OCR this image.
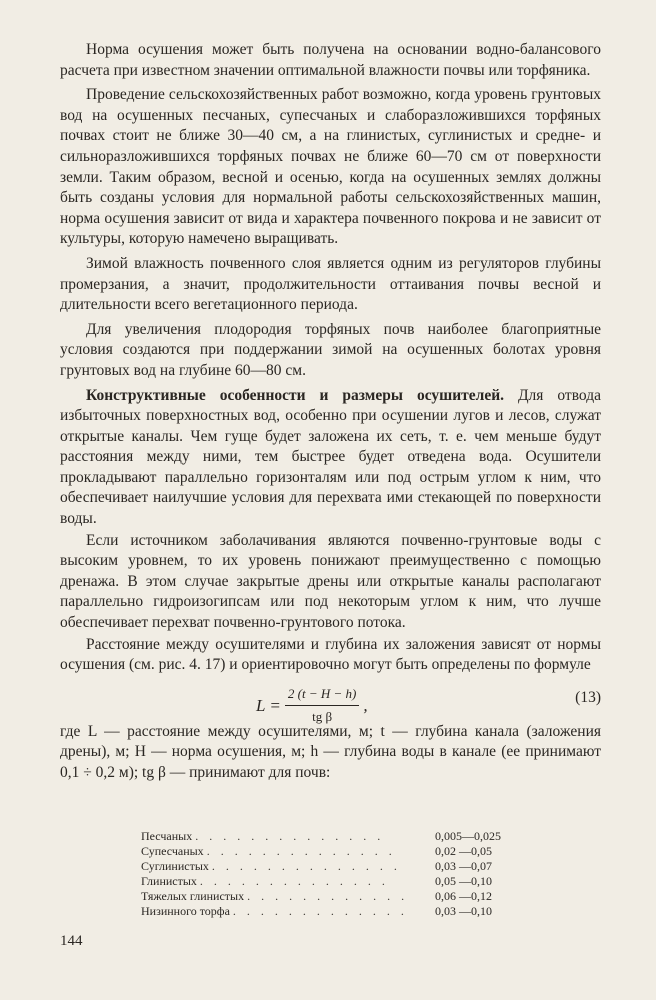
Норма осушения может быть получена на основании водно-балансового расчета при известном значении оптимальной влажности почвы или торфяника.

Проведение сельскохозяйственных работ возможно, когда уровень грунтовых вод на осушенных песчаных, супесчаных и слаборазложившихся торфяных почвах стоит не ближе 30—40 см, а на глинистых, суглинистых и средне- и сильноразложившихся торфяных почвах не ближе 60—70 см от поверхности земли. Таким образом, весной и осенью, когда на осушенных землях должны быть созданы условия для нормальной работы сельскохозяйственных машин, норма осушения зависит от вида и характера почвенного покрова и не зависит от культуры, которую намечено выращивать.

Зимой влажность почвенного слоя является одним из регуляторов глубины промерзания, а значит, продолжительности оттаивания почвы весной и длительности всего вегетационного периода.

Для увеличения плодородия торфяных почв наиболее благоприятные условия создаются при поддержании зимой на осушенных болотах уровня грунтовых вод на глубине 60—80 см.

Конструктивные особенности и размеры осушителей. Для отвода избыточных поверхностных вод, особенно при осушении лугов и лесов, служат открытые каналы. Чем гуще будет заложена их сеть, т. е. чем меньше будут расстояния между ними, тем быстрее будет отведена вода. Осушители прокладывают параллельно горизонталям или под острым углом к ним, что обеспечивает наилучшие условия для перехвата ими стекающей по поверхности воды.

Если источником заболачивания являются почвенно-грунтовые воды с высоким уровнем, то их уровень понижают преимущественно с помощью дренажа. В этом случае закрытые дрены или открытые каналы располагают параллельно гидроизогипсам или под некоторым углом к ним, что лучше обеспечивает перехват почвенно-грунтового потока.

Расстояние между осушителями и глубина их заложения зависят от нормы осушения (см. рис. 4. 17) и ориентировочно могут быть определены по формуле

$L = \frac{2 (t - H - h)}{\text{tg β}}$ ,	(13)

где L — расстояние между осушителями, м; t — глубина канала (заложения дрены), м; H — норма осушения, м; h — глубина воды в канале (ее принимают 0,1 ÷ 0,2 м); tg β — принимают для почв:

Песчаных . . . . . . . . . . . . . .	0,005—0,025
Супесчаных . . . . . . . . . . . . . .	0,02 —0,05
Суглинистых . . . . . . . . . . . . . .	0,03 —0,07
Глинистых . . . . . . . . . . . . . .	0,05 —0,10
Тяжелых глинистых . . . . . . . . . . . .	0,06 —0,12
Низинного торфа . . . . . . . . . . . . .	0,03 —0,10
144
